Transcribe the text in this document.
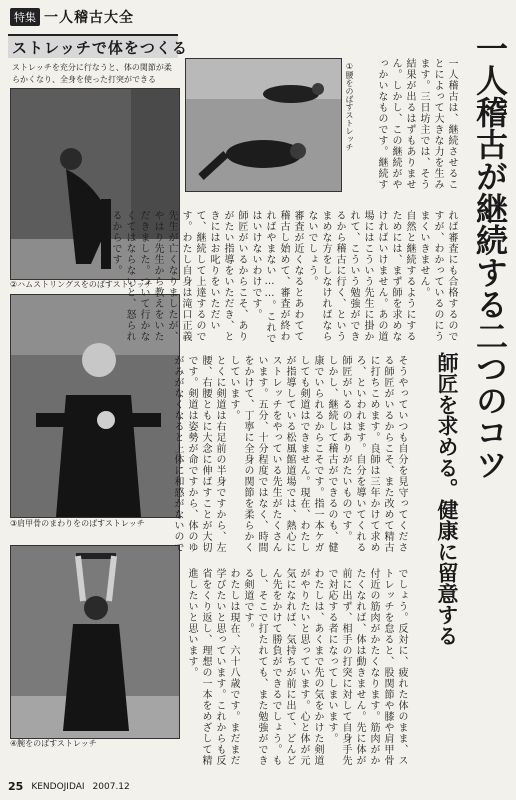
特集 一人稽古大全
ストレッチで体をつくる
ストレッチを充分に行なうと、体の関節が柔らかくなり、全身を使った打突ができる	①腰をのばすストレッチ
②ハムストリングスをのばすストレッチ
③肩甲骨のまわりをのばすストレッチ
④腕をのばすストレッチ
一人稽古が継続する二つのコツ
師匠を求める。健康に留意する

一人稽古は、継続させることによって大きな力を生みます。三日坊主では、そう結果が出るはずもありません。しかし、この継続がやっかいなものです。継続す

れば審査にも合格するのですが、わかっているのにうまくいきません。

自然と継続するようにするためには、まず師を求めなければいけません。あの道場にはこういう先生に掛かれて、こういう勉強ができるから稽古に行く、というまめな方をしなければならないでしょう。

審査が近くなるとあわてて稽古し始めて、審査が終わればやまない……。これではいけないわけです。

師匠がいるからこそ、ありがたい指導をいただき、ときにはお叱りをいただいて、継続して上達するのです。わたし自身は滝口正義先生が亡くなりましたが、やはり先生から教えをいただきました。ついて行かなくてはならないと、怒られるからです。

そうやっていつも自分を見守ってくださる師匠がいるからこそ、また改めて精古に打ちこめます。良師は三年かけて求めろ、といわれます。自分を導いてくれる師匠がいるのはありがたいものです。

しかし、継続して稽古ができるのも、健康でいられるからこそです。指一本ケガしても剣道はできません。現在、わたしが指導している松風館道場では、熱心にストレッチをやっている先生がたくさんいます。五分、十分程度ではなく、時間をかけて、丁寧に全身の関節を柔らかくしています。

とくに剣道は右足前の半身ですから、左腰、右腰ともに大念に伸ばすことが大切です。剣道は姿勢が命ですから、体のゆがみがなくなると上体に和感がないので

でしょう。反対に、疲れた体のまま、ストレッチを怠ると、股関節や膝や肩甲骨付近の筋肉がかたくなります。筋肉がかたくなれば、体は動きません。先に体が前に出ず、相手の打突に対して自身手先で対応する者になってしまいます。

わたしは、あくまで先の気をかけた剣道がやりたいと思っています。心と体が元気になれば、気持ちが前に出て、どんどん先をかけて勝負ができるでしょう。もし、そこで打たれても、また勉強ができる剣道です。

わたしは現在、六十八歳です。まだまだ学びたいと思っています。これからも反省をくり返し、理想の一本をめざして精進したいと思います。

25 KENDOJIDAI 2007.12
